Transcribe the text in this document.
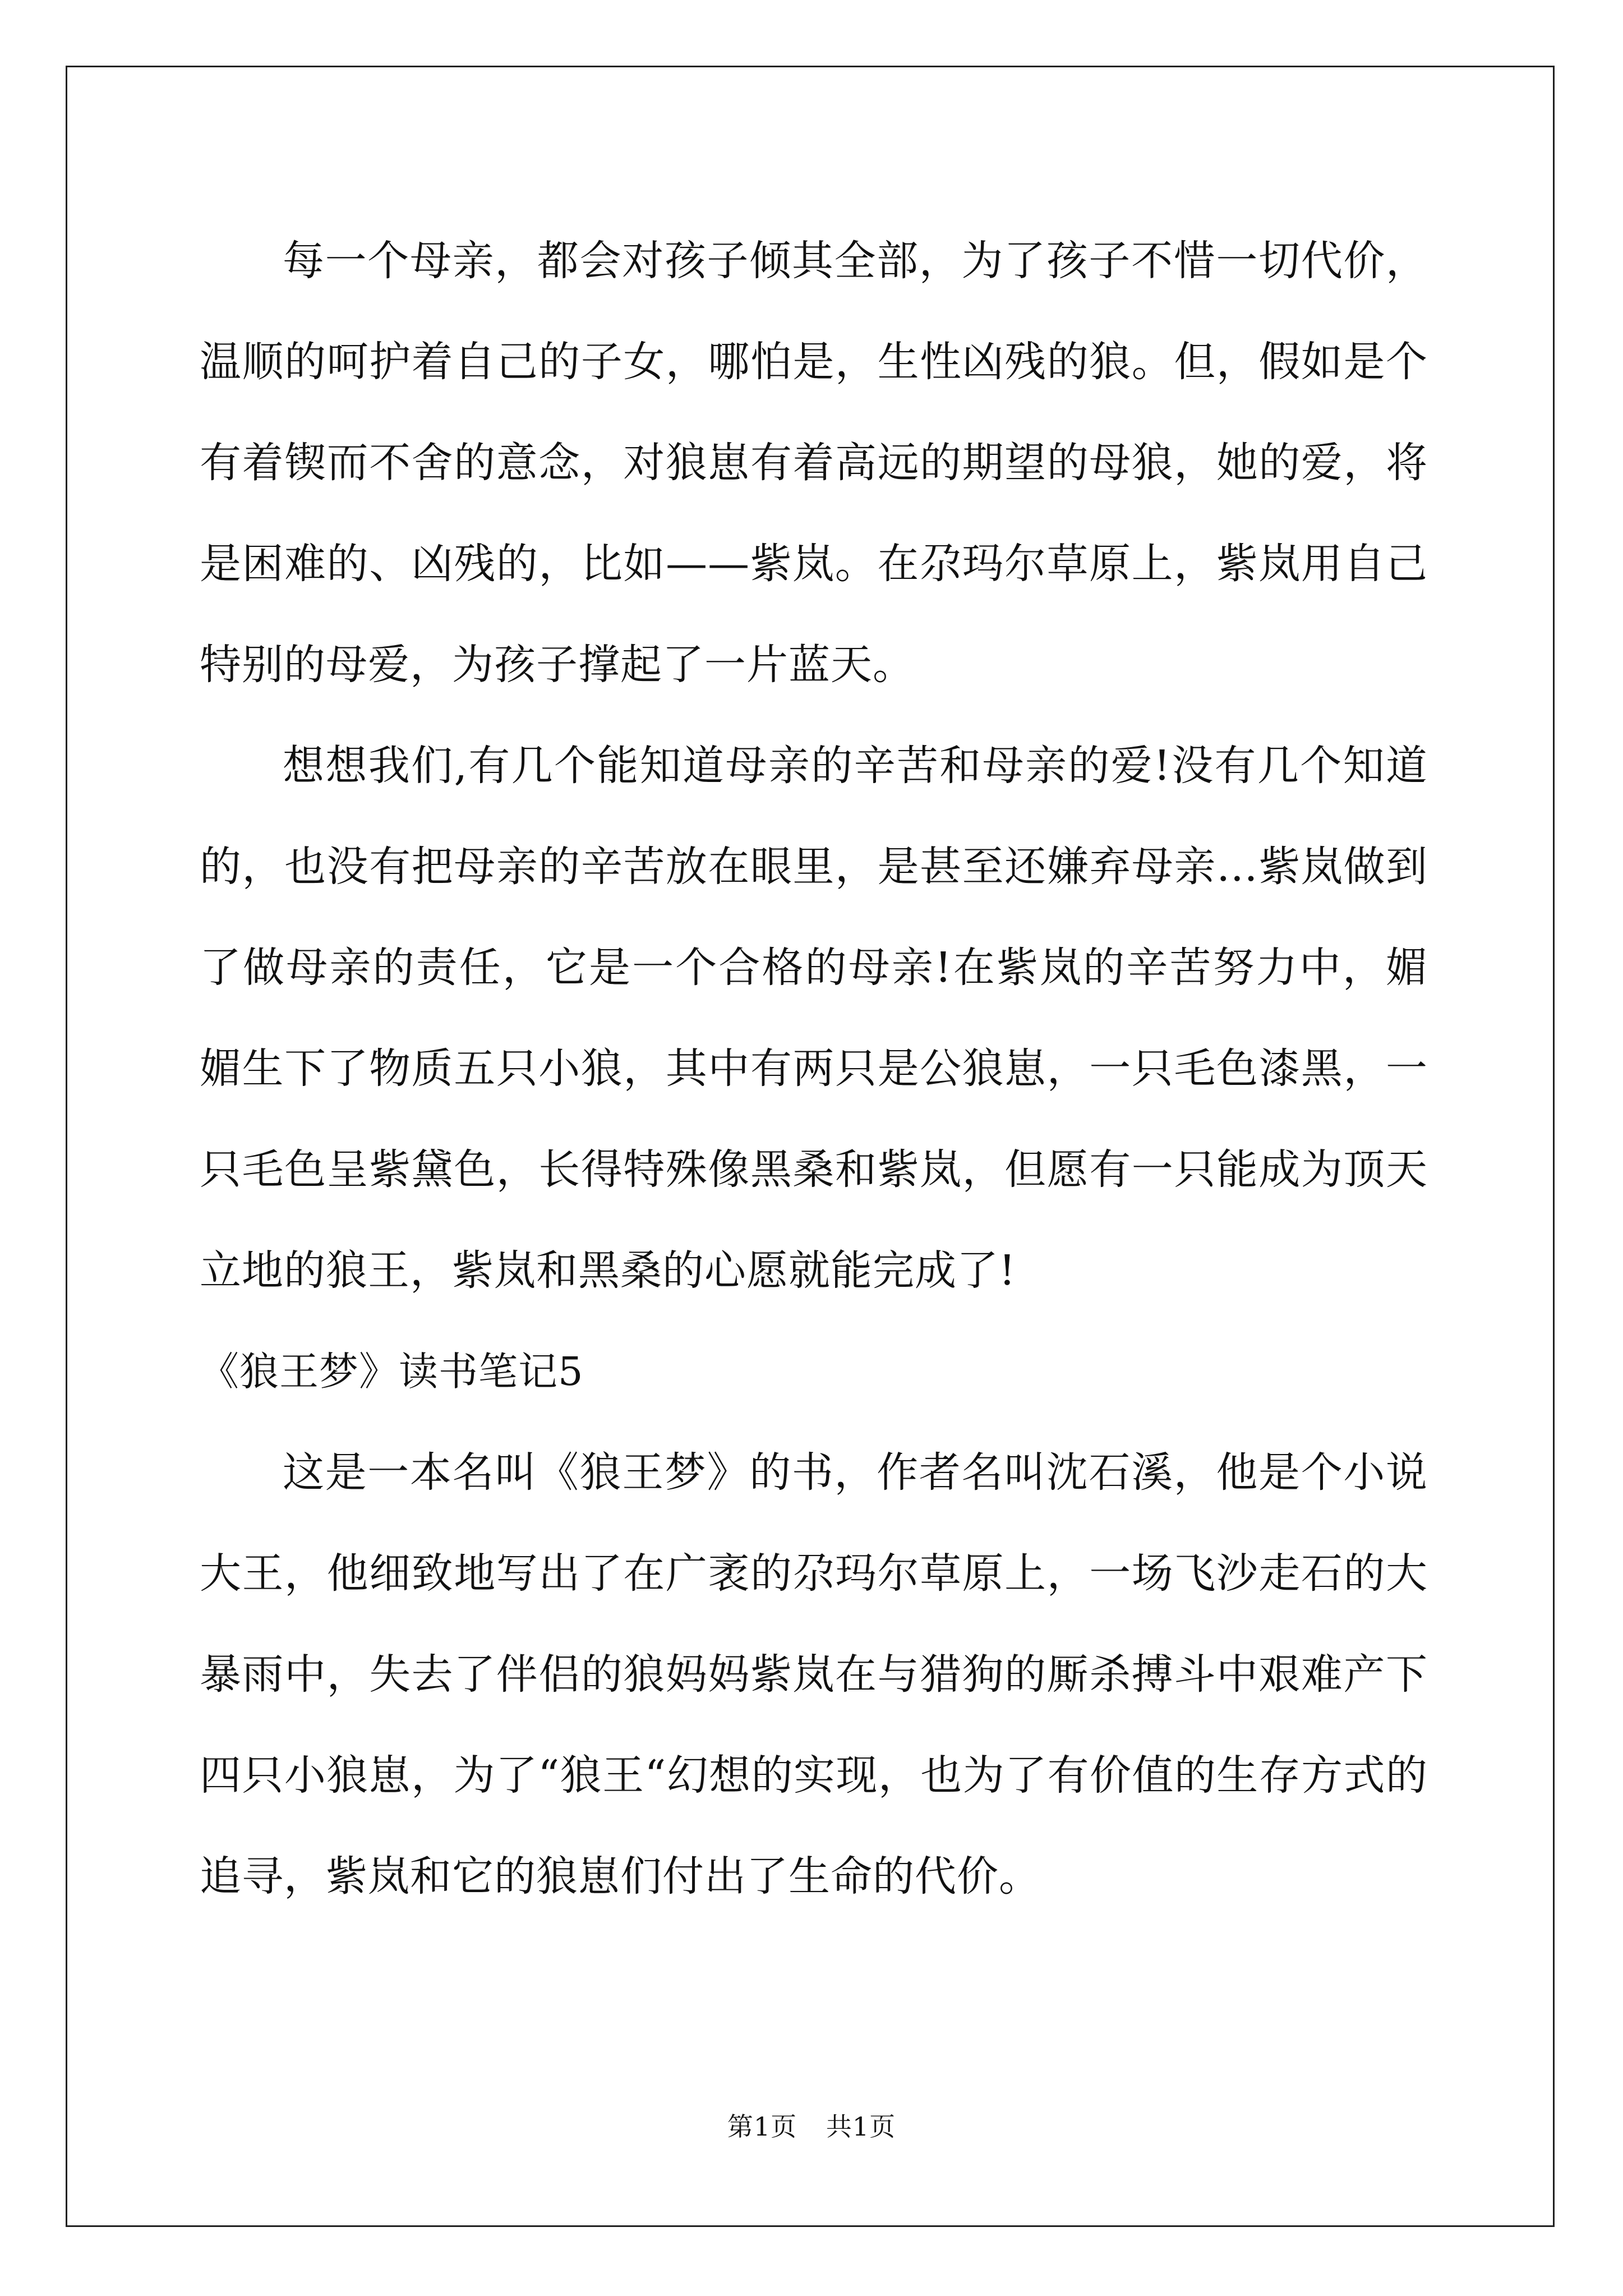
每一个母亲，都会对孩子倾其全部，为了孩子不惜一切代价，温顺的呵护着自己的子女，哪怕是，生性凶残的狼。但，假如是个有着锲而不舍的意念，对狼崽有着高远的期望的母狼，她的爱，将是困难的、凶残的，比如——紫岚。在尕玛尔草原上，紫岚用自己特别的母爱，为孩子撑起了一片蓝天。

想想我们,有几个能知道母亲的辛苦和母亲的爱!没有几个知道的，也没有把母亲的辛苦放在眼里，是甚至还嫌弃母亲…紫岚做到了做母亲的责任，它是一个合格的母亲!在紫岚的辛苦努力中，媚媚生下了物质五只小狼，其中有两只是公狼崽，一只毛色漆黑，一只毛色呈紫黛色，长得特殊像黑桑和紫岚，但愿有一只能成为顶天立地的狼王，紫岚和黑桑的心愿就能完成了!

《狼王梦》读书笔记5

这是一本名叫《狼王梦》的书，作者名叫沈石溪，他是个小说大王，他细致地写出了在广袤的尕玛尔草原上，一场飞沙走石的大暴雨中，失去了伴侣的狼妈妈紫岚在与猎狗的厮杀搏斗中艰难产下四只小狼崽，为了“狼王“幻想的实现，也为了有价值的生存方式的追寻，紫岚和它的狼崽们付出了生命的代价。

第1页 共1页
